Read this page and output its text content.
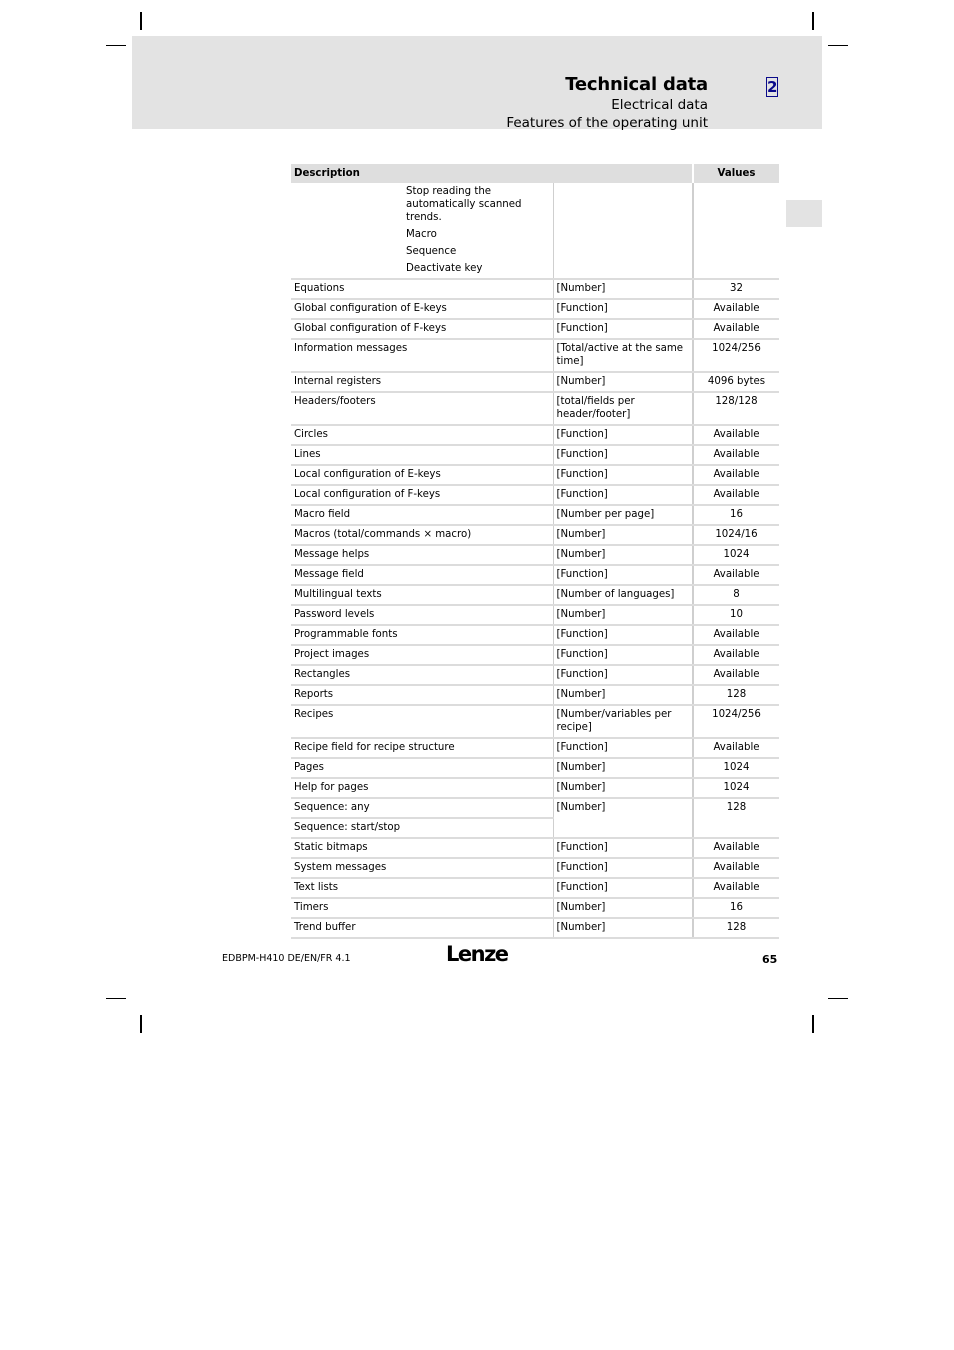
Technical data
Electrical data
Features of the operating unit
2
Description			Values
	Stop reading the automatically scanned trends.		
	Macro		
	Sequence		
	Deactivate key		
Equations		[Number]	32
Global configuration of E-keys		[Function]	Available
Global configuration of F-keys		[Function]	Available
Information messages		[Total/active at the same time]	1024/256
Internal registers		[Number]	4096 bytes
Headers/footers		[total/fields per header/footer]	128/128
Circles		[Function]	Available
Lines		[Function]	Available
Local configuration of E-keys		[Function]	Available
Local configuration of F-keys		[Function]	Available
Macro field		[Number per page]	16
Macros (total/commands × macro)		[Number]	1024/16
Message helps		[Number]	1024
Message field		[Function]	Available
Multilingual texts		[Number of languages]	8
Password levels		[Number]	10
Programmable fonts		[Function]	Available
Project images		[Function]	Available
Rectangles		[Function]	Available
Reports		[Number]	128
Recipes		[Number/variables per recipe]	1024/256
Recipe field for recipe structure		[Function]	Available
Pages		[Number]	1024
Help for pages		[Number]	1024
Sequence: any		[Number]	128
Sequence: start/stop			
Static bitmaps		[Function]	Available
System messages		[Function]	Available
Text lists		[Function]	Available
Timers		[Number]	16
Trend buffer		[Number]	128
EDBPM-H410 DE/EN/FR 4.1	Lenze	65
